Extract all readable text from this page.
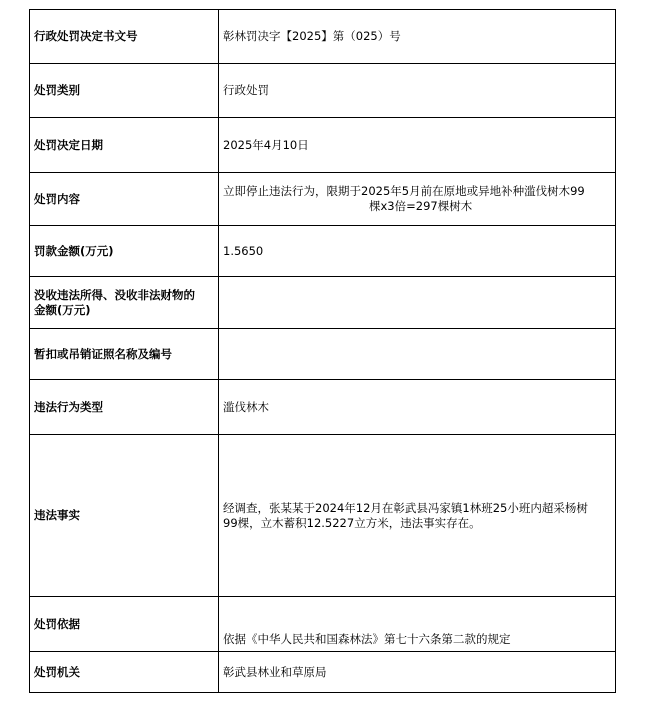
行政处罚决定书文号	彰林罚决字【2025】第（025）号
处罚类别	行政处罚
处罚决定日期	2025年4月10日
处罚内容	立即停止违法行为，限期于2025年5月前在原地或异地补种滥伐树木99
棵x3倍=297棵树木

罚款金额(万元)	1.5650

没收违法所得、没收非法财物的
金额(万元)	

暂扣或吊销证照名称及编号	
违法行为类型	滥伐林木
违法事实	经调查，张某某于2024年12月在彰武县冯家镇1林班25小班内超采杨树
99棵，立木蓄积12.5227立方米，违法事实存在。

处罚依据	依据《中华人民共和国森林法》第七十六条第二款的规定
处罚机关	彰武县林业和草原局
